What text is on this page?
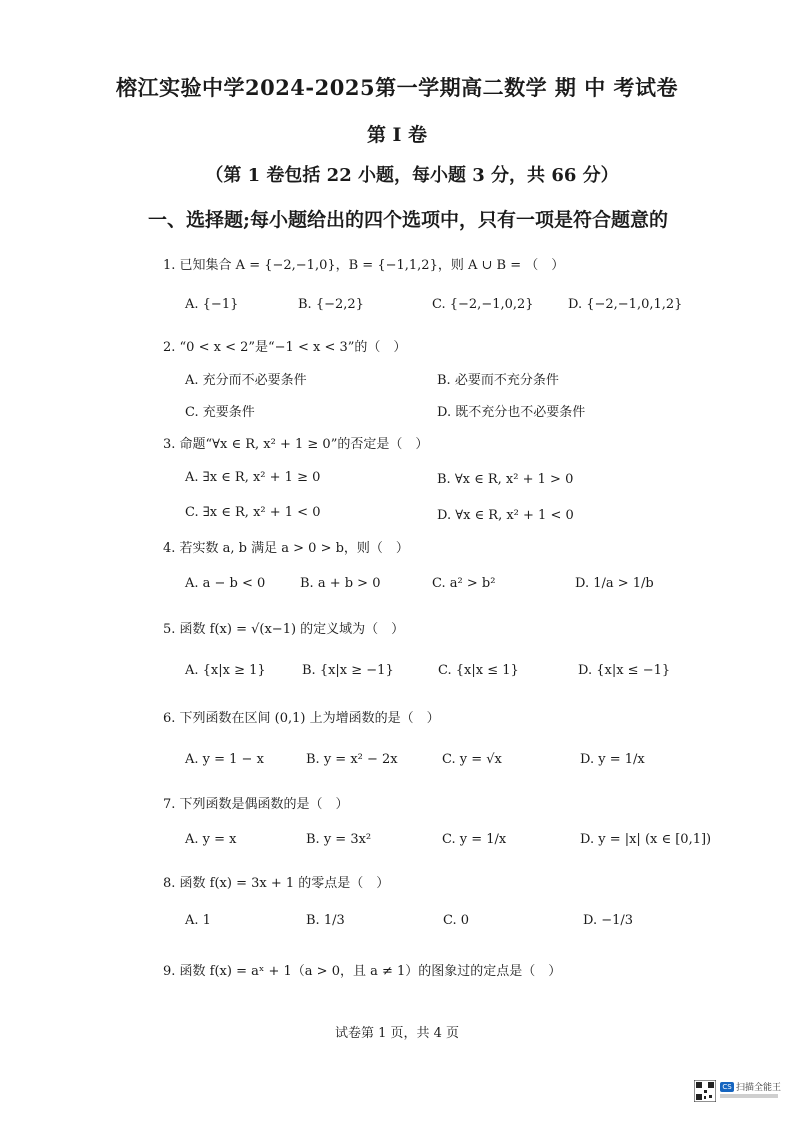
榕江实验中学2024-2025第一学期高二数学 期 中 考试卷
第 I 卷
（第 1 卷包括 22 小题，每小题 3 分，共 66 分）
一、选择题;每小题给出的四个选项中，只有一项是符合题意的
1. 已知集合 A = {−2,−1,0}，B = {−1,1,2}，则 A ∪ B = （　）
A. {−1}	B. {−2,2}	C. {−2,−1,0,2}	D. {−2,−1,0,1,2}
2. “0 < x < 2”是“−1 < x < 3”的（　）
A. 充分而不必要条件	B. 必要而不充分条件
C. 充要条件	D. 既不充分也不必要条件
3. 命题“∀x ∈ R, x² + 1 ≥ 0”的否定是（　）
A. ∃x ∈ R, x² + 1 ≥ 0	B. ∀x ∈ R, x² + 1 > 0
C. ∃x ∈ R, x² + 1 < 0	D. ∀x ∈ R, x² + 1 < 0
4. 若实数 a, b 满足 a > 0 > b，则（　）
A. a − b < 0	B. a + b > 0	C. a² > b²	D. 1/a > 1/b
5. 函数 f(x) = √(x−1) 的定义域为（　）
A. {x|x ≥ 1}	B. {x|x ≥ −1}	C. {x|x ≤ 1}	D. {x|x ≤ −1}
6. 下列函数在区间 (0,1) 上为增函数的是（　）
A. y = 1 − x	B. y = x² − 2x	C. y = √x	D. y = 1/x
7. 下列函数是偶函数的是（　）
A. y = x	B. y = 3x²	C. y = 1/x	D. y = |x| (x ∈ [0,1])
8. 函数 f(x) = 3x + 1 的零点是（　）
A. 1	B. 1/3	C. 0	D. −1/3
9. 函数 f(x) = aˣ + 1（a > 0，且 a ≠ 1）的图象过的定点是（　）
试卷第 1 页，共 4 页
CS 扫描全能王
